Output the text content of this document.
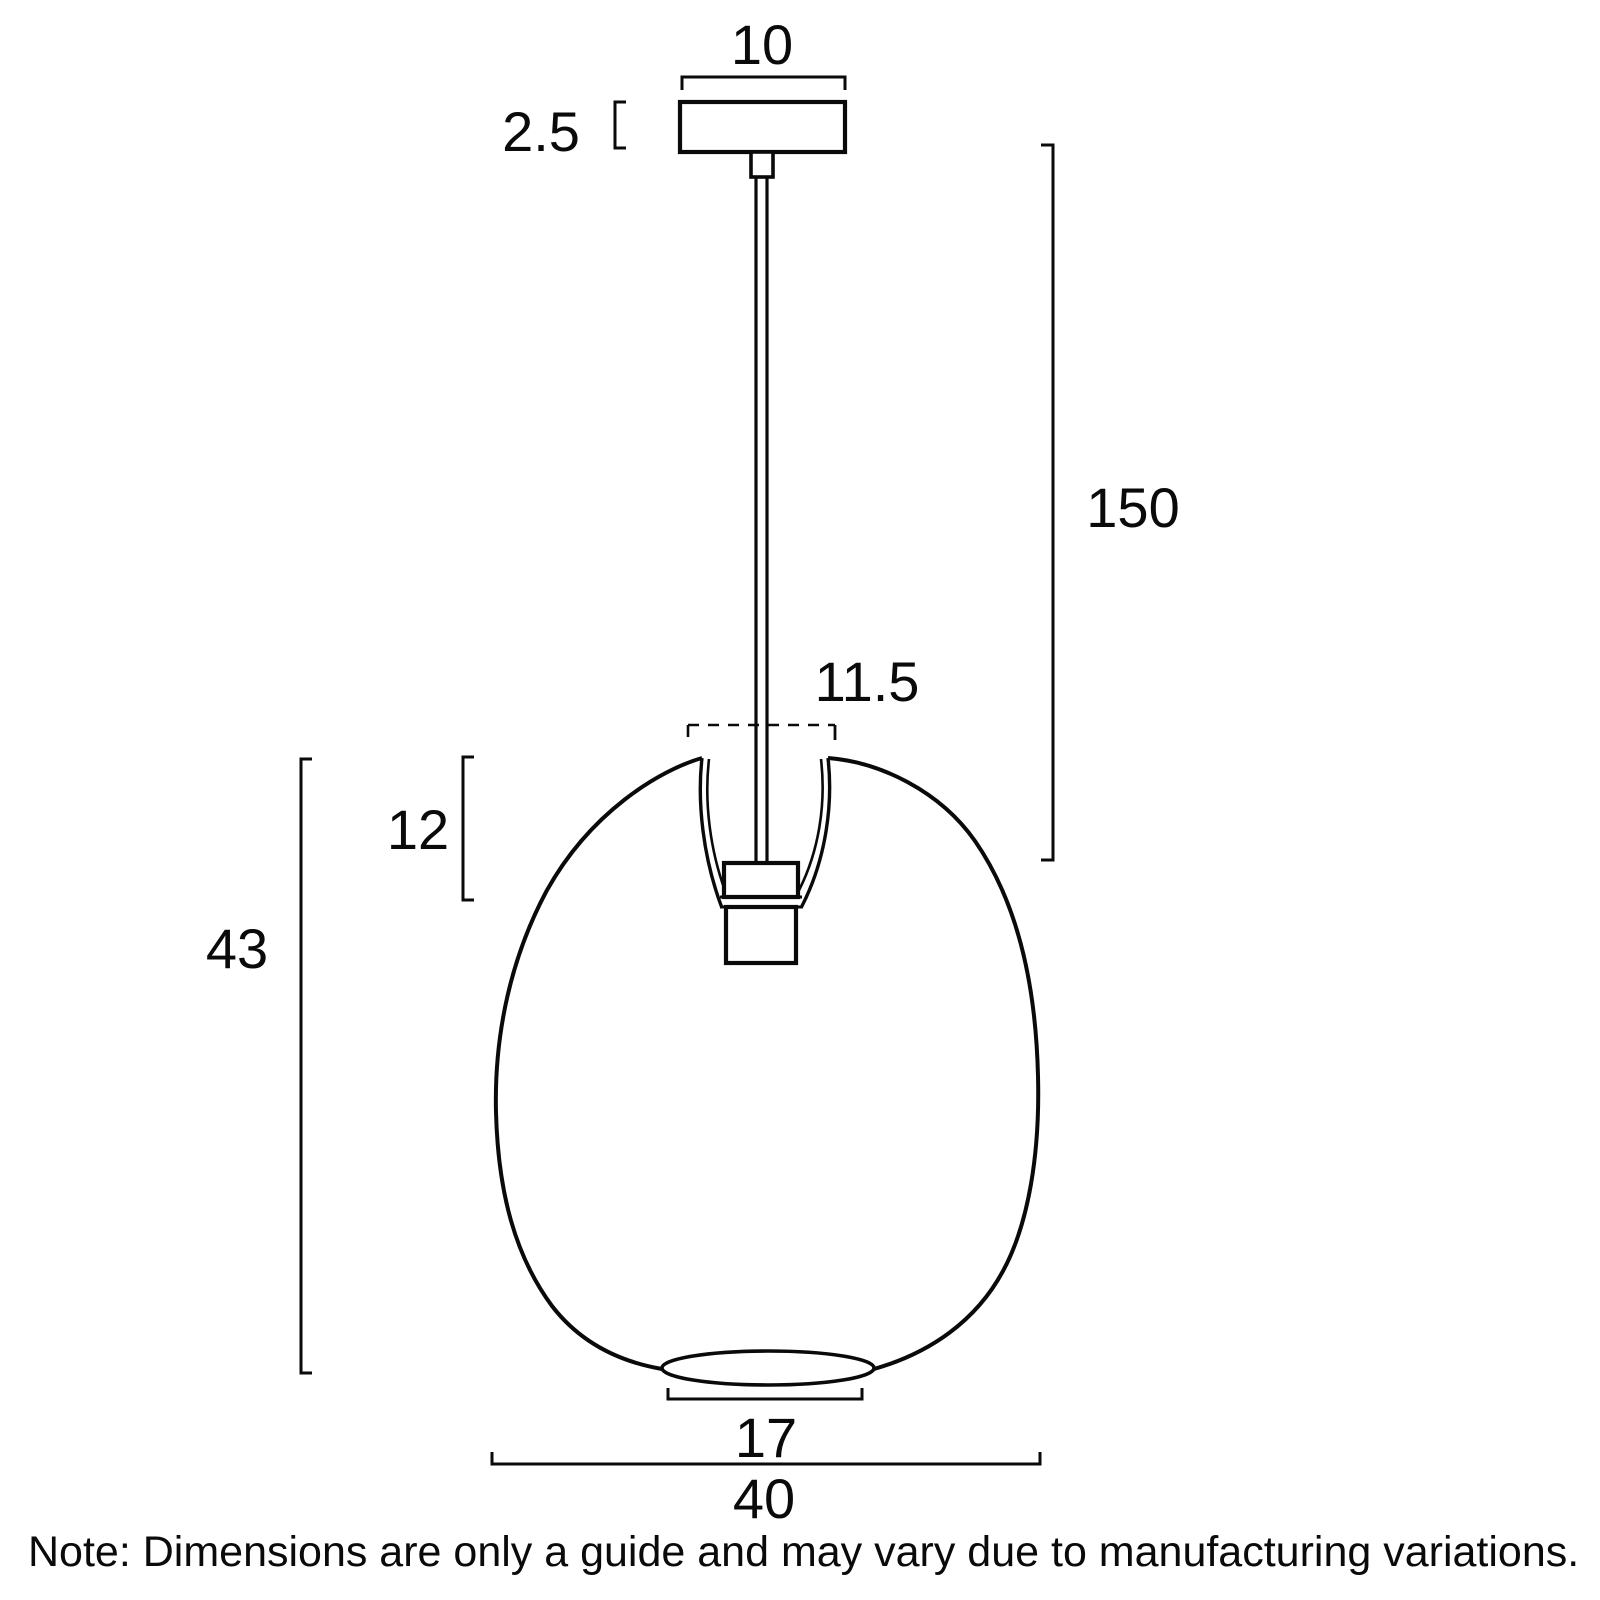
10
2.5
150
11.5
12
43
17
40
Note: Dimensions are only a guide and may vary due to manufacturing variations.
